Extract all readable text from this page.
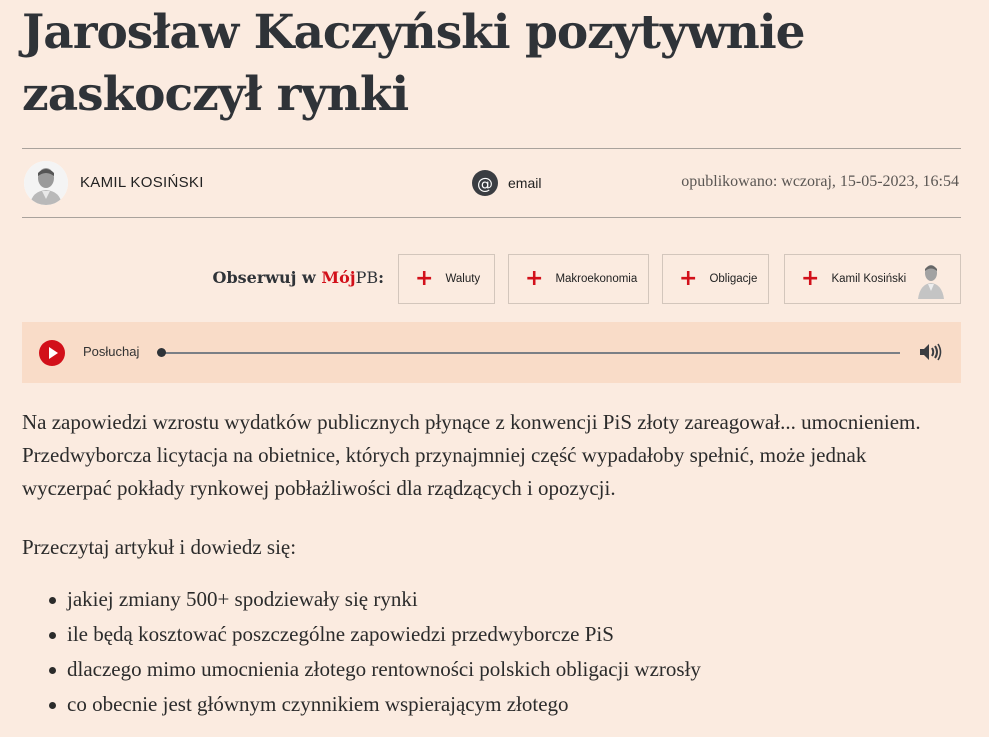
Jarosław Kaczyński pozytywnie
zaskoczył rynki
KAMIL KOSIŃSKI	@	email	opublikowano: wczoraj, 15-05-2023, 16:54
Obserwuj w MójPB: + Waluty + Makroekonomia + Obligacje + Kamil Kosiński
Posłuchaj

Na zapowiedzi wzrostu wydatków publicznych płynące z konwencji PiS złoty zareagował... umocnieniem. Przedwyborcza licytacja na obietnice, których przynajmniej część wypadałoby spełnić, może jednak wyczerpać pokłady rynkowej pobłażliwości dla rządzących i opozycji.

Przeczytaj artykuł i dowiedz się:

jakiej zmiany 500+ spodziewały się rynki
ile będą kosztować poszczególne zapowiedzi przedwyborcze PiS
dlaczego mimo umocnienia złotego rentowności polskich obligacji wzrosły
co obecnie jest głównym czynnikiem wspierającym złotego
